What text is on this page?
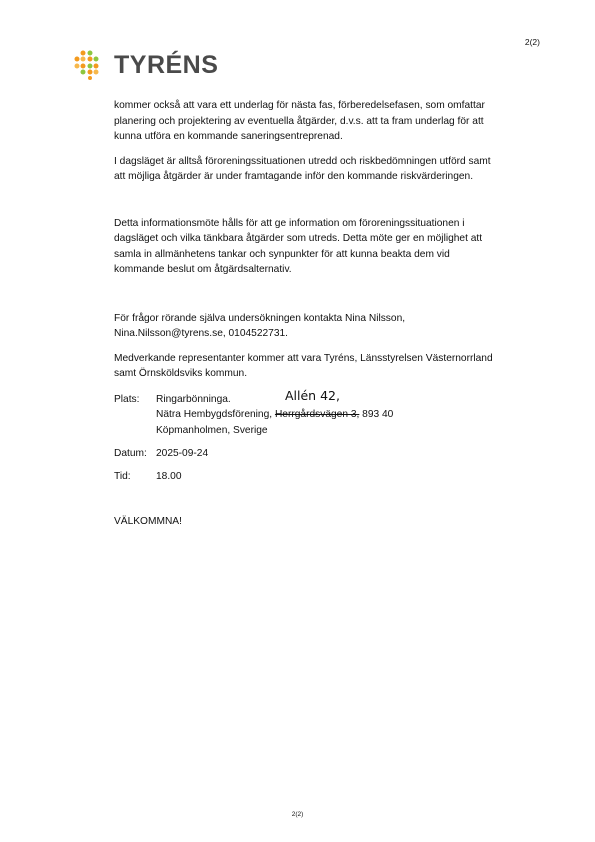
2(2)
TYRÉNS

kommer också att vara ett underlag för nästa fas, förberedelsefasen, som omfattar planering och projektering av eventuella åtgärder, d.v.s. att ta fram underlag för att kunna utföra en kommande saneringsentreprenad.

I dagsläget är alltså föroreningssituationen utredd och riskbedömningen utförd samt att möjliga åtgärder är under framtagande inför den kommande riskvärderingen.

Detta informationsmöte hålls för att ge information om föroreningssituationen i dagsläget och vilka tänkbara åtgärder som utreds. Detta möte ger en möjlighet att samla in allmänhetens tankar och synpunkter för att kunna beakta dem vid kommande beslut om åtgärdsalternativ.

För frågor rörande själva undersökningen kontakta Nina Nilsson, Nina.Nilsson@tyrens.se, 0104522731.

Medverkande representanter kommer att vara Tyréns, Länsstyrelsen Västernorrland samt Örnsköldsviks kommun.

Plats:	Ringarbönninga.
Nätra Hembygdsförening, Herrgårdsvägen 3, 893 40
Köpmanholmen, Sverige
Allén 42,
Datum: 2025-09-24
Tid:	18.00

VÄLKOMMNA!

2(2)
